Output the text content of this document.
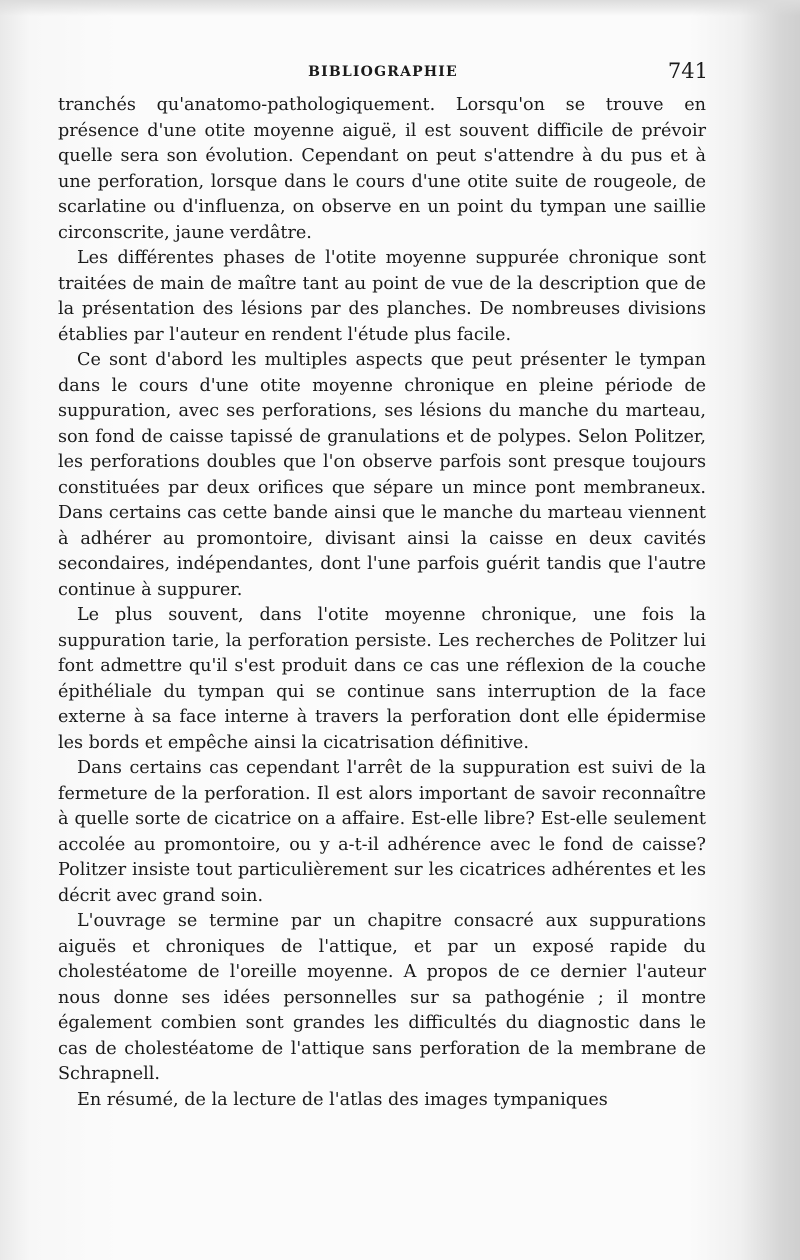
BIBLIOGRAPHIE	741

tranchés qu'anatomo-pathologiquement. Lorsqu'on se trouve en présence d'une otite moyenne aiguë, il est souvent difficile de prévoir quelle sera son évolution. Cependant on peut s'attendre à du pus et à une perforation, lorsque dans le cours d'une otite suite de rougeole, de scarlatine ou d'influenza, on observe en un point du tympan une saillie circonscrite, jaune verdâtre.

Les différentes phases de l'otite moyenne suppurée chronique sont traitées de main de maître tant au point de vue de la description que de la présentation des lésions par des planches. De nombreuses divisions établies par l'auteur en rendent l'étude plus facile.

Ce sont d'abord les multiples aspects que peut présenter le tympan dans le cours d'une otite moyenne chronique en pleine période de suppuration, avec ses perforations, ses lésions du manche du marteau, son fond de caisse tapissé de granulations et de polypes. Selon Politzer, les perforations doubles que l'on observe parfois sont presque toujours constituées par deux orifices que sépare un mince pont membraneux. Dans certains cas cette bande ainsi que le manche du marteau viennent à adhérer au promontoire, divisant ainsi la caisse en deux cavités secondaires, indépendantes, dont l'une parfois guérit tandis que l'autre continue à suppurer.

Le plus souvent, dans l'otite moyenne chronique, une fois la suppuration tarie, la perforation persiste. Les recherches de Politzer lui font admettre qu'il s'est produit dans ce cas une réflexion de la couche épithéliale du tympan qui se continue sans interruption de la face externe à sa face interne à travers la perforation dont elle épidermise les bords et empêche ainsi la cicatrisation définitive.

Dans certains cas cependant l'arrêt de la suppuration est suivi de la fermeture de la perforation. Il est alors important de savoir reconnaître à quelle sorte de cicatrice on a affaire. Est-elle libre? Est-elle seulement accolée au promontoire, ou y a-t-il adhérence avec le fond de caisse? Politzer insiste tout particulièrement sur les cicatrices adhérentes et les décrit avec grand soin.

L'ouvrage se termine par un chapitre consacré aux suppurations aiguës et chroniques de l'attique, et par un exposé rapide du cholestéatome de l'oreille moyenne. A propos de ce dernier l'auteur nous donne ses idées personnelles sur sa pathogénie ; il montre également combien sont grandes les difficultés du diagnostic dans le cas de cholestéatome de l'attique sans perforation de la membrane de Schrapnell.

En résumé, de la lecture de l'atlas des images tympaniques
